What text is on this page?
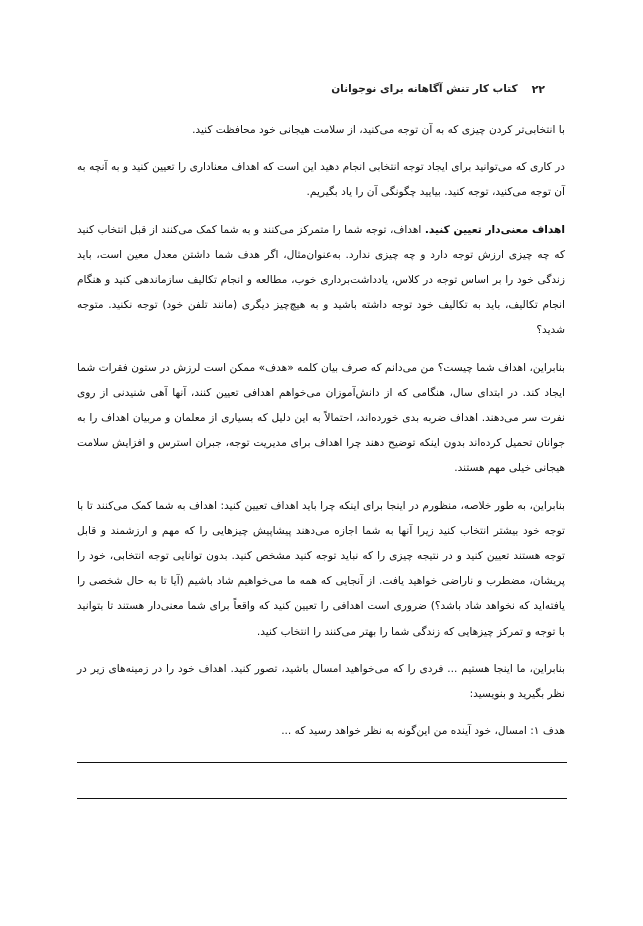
۲۲
کتاب کار تنش آگاهانه برای نوجوانان

با انتخابی‌تر کردن چیزی که به آن توجه می‌کنید، از سلامت هیجانی خود محافظت کنید.

در کاری که می‌توانید برای ایجاد توجه انتخابی انجام دهید این است که اهداف معناداری را تعیین کنید و به آنچه به آن توجه می‌کنید، توجه کنید. بیایید چگونگی آن را یاد بگیریم.

اهداف معنی‌دار تعیین کنید. اهداف، توجه شما را متمرکز می‌کنند و به شما کمک می‌کنند از قبل انتخاب کنید که چه چیزی ارزش توجه دارد و چه چیزی ندارد. به‌عنوان‌مثال، اگر هدف شما داشتن معدل معین است، باید زندگی خود را بر اساس توجه در کلاس، یادداشت‌برداری خوب، مطالعه و انجام تکالیف سازماندهی کنید و هنگام انجام تکالیف، باید به تکالیف خود توجه داشته باشید و به هیچ‌چیز دیگری (مانند تلفن خود) توجه نکنید. متوجه شدید؟

بنابراین، اهداف شما چیست؟ من می‌دانم که صرف بیان کلمه «هدف» ممکن است لرزش در ستون فقرات شما ایجاد کند. در ابتدای سال، هنگامی که از دانش‌آموزان می‌خواهم اهدافی تعیین کنند، آنها آهی شنیدنی از روی نفرت سر می‌دهند. اهداف ضربه بدی خورده‌اند، احتمالاً به این دلیل که بسیاری از معلمان و مربیان اهداف را به جوانان تحمیل کرده‌اند بدون اینکه توضیح دهند چرا اهداف برای مدیریت توجه، جبران استرس و افزایش سلامت هیجانی خیلی مهم هستند.

بنابراین، به طور خلاصه، منظورم در اینجا برای اینکه چرا باید اهداف تعیین کنید: اهداف به شما کمک می‌کنند تا با توجه خود بیشتر انتخاب کنید زیرا آنها به شما اجازه می‌دهند پیشاپیش چیزهایی را که مهم و ارزشمند و قابل توجه هستند تعیین کنید و در نتیجه چیزی را که نباید توجه کنید مشخص کنید. بدون توانایی توجه انتخابی، خود را پریشان، مضطرب و ناراضی خواهید یافت. از آنجایی که همه ما می‌خواهیم شاد باشیم (آیا تا به حال شخصی را یافته‌اید که نخواهد شاد باشد؟) ضروری است اهدافی را تعیین کنید که واقعاً برای شما معنی‌دار هستند تا بتوانید با توجه و تمرکز چیزهایی که زندگی شما را بهتر می‌کنند را انتخاب کنید.

بنابراین، ما اینجا هستیم ... فردی را که می‌خواهید امسال باشید، تصور کنید. اهداف خود را در زمینه‌های زیر در نظر بگیرید و بنویسید:

هدف ۱: امسال، خود آینده من این‌گونه به نظر خواهد رسید که ...
